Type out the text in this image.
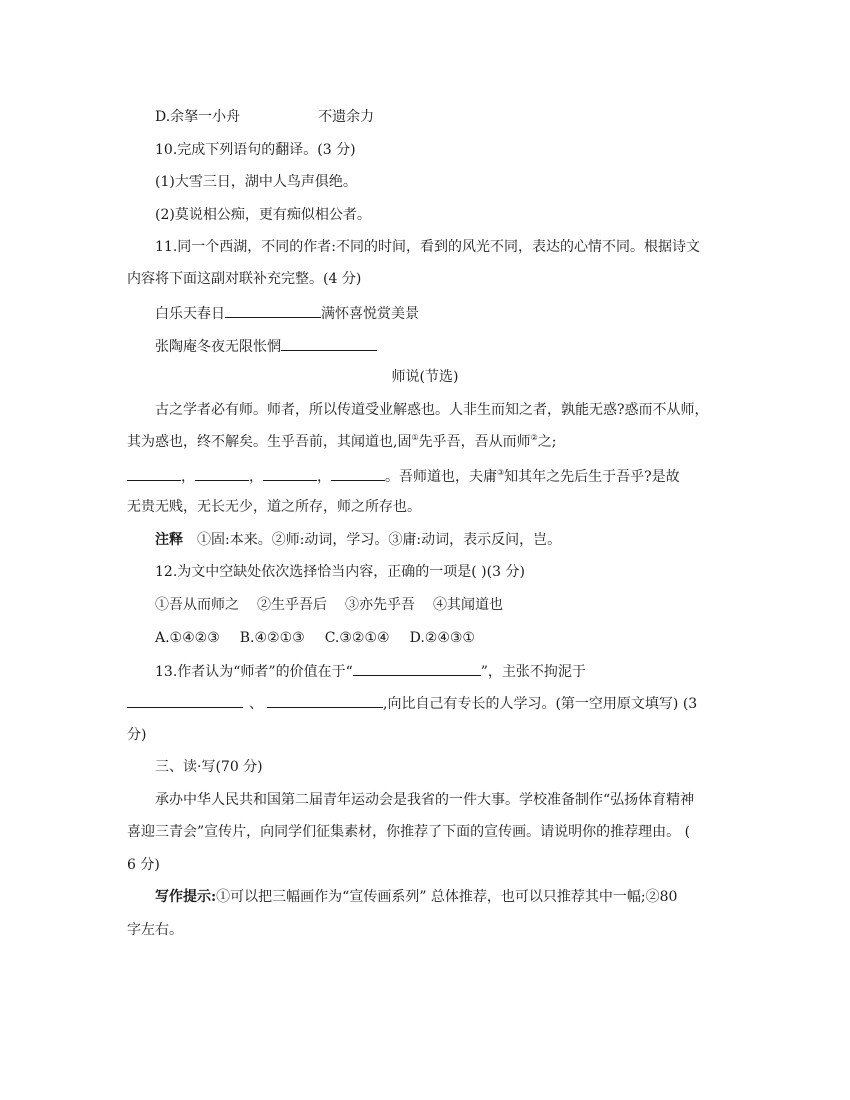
D.余拏一小舟	不遗余力
10.完成下列语句的翻译。(3 分)
(1)大雪三日，湖中人鸟声俱绝。
(2)莫说相公痴，更有痴似相公者。
11.同一个西湖，不同的作者:不同的时间，看到的风光不同，表达的心情不同。根据诗文
内容将下面这副对联补充完整。(4 分)
白乐天春日	满怀喜悦赏美景
张陶庵冬夜无限怅惘
师说(节选)
古之学者必有师。师者，所以传道受业解惑也。人非生而知之者，孰能无惑?惑而不从师，
其为惑也，终不解矣。生乎吾前，其闻道也,固①先乎吾，吾从而师②之;
，	，	，	。吾师道也，夫庸③知其年之先后生于吾乎?是故
无贵无贱，无长无少，道之所存，师之所存也。
注释 ①固:本来。②师:动词，学习。③庸:动词，表示反问，岂。
12.为文中空缺处依次选择恰当内容，正确的一项是( )(3 分)
①吾从而师之 ②生乎吾后 ③亦先乎吾 ④其闻道也
A.①④②③ B.④②①③ C.③②①④ D.②④③①
13.作者认为“师者”的价值在于“	”，主张不拘泥于
、	,向比自己有专长的人学习。(第一空用原文填写) (3
分)
三、读·写(70 分)
承办中华人民共和国第二届青年运动会是我省的一件大事。学校准备制作“弘扬体育精神
喜迎三青会”宣传片，向同学们征集素材，你推荐了下面的宣传画。请说明你的推荐理由。 (
6 分)
写作提示:①可以把三幅画作为“宣传画系列” 总体推荐，也可以只推荐其中一幅;②80
字左右。
